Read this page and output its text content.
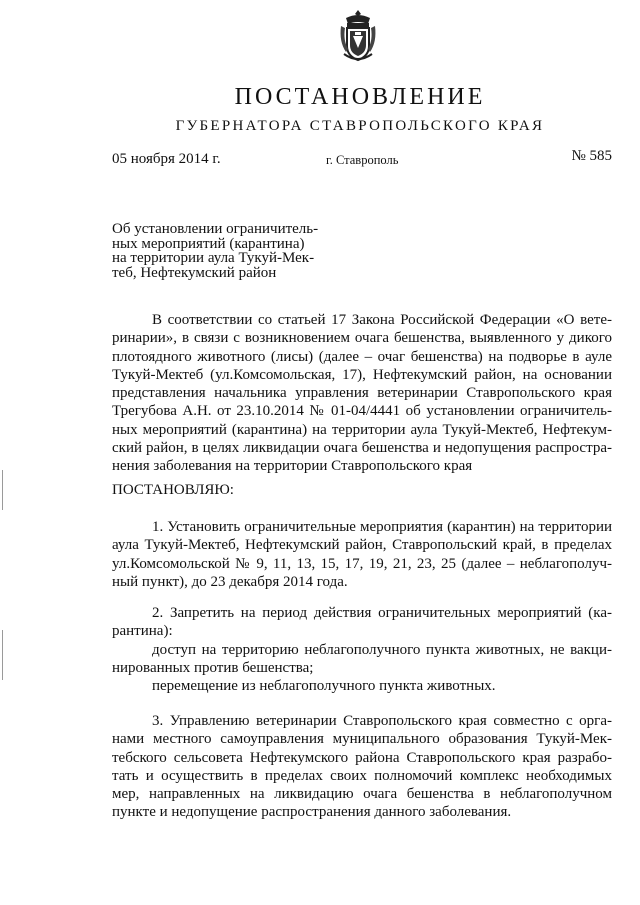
ПОСТАНОВЛЕНИЕ
ГУБЕРНАТОРА СТАВРОПОЛЬСКОГО КРАЯ
05 ноября 2014 г.	г. Ставрополь	№ 585
Об установлении ограничитель-
ных мероприятий (карантина)
на территории аула Тукуй-Мек-
теб, Нефтекумский район
В соответствии со статьей 17 Закона Российской Федерации «О вете-
ринарии», в связи с возникновением очага бешенства, выявленного у дикого
плотоядного животного (лисы) (далее – очаг бешенства) на подворье в ауле
Тукуй-Мектеб (ул.Комсомольская, 17), Нефтекумский район, на основании
представления начальника управления ветеринарии Ставропольского края
Трегубова А.Н. от 23.10.2014 № 01-04/4441 об установлении ограничитель-
ных мероприятий (карантина) на территории аула Тукуй-Мектеб, Нефтекум-
ский район, в целях ликвидации очага бешенства и недопущения распростра-
нения заболевания на территории Ставропольского края
ПОСТАНОВЛЯЮ:
1. Установить ограничительные мероприятия (карантин) на территории
аула Тукуй-Мектеб, Нефтекумский район, Ставропольский край, в пределах
ул.Комсомольской № 9, 11, 13, 15, 17, 19, 21, 23, 25 (далее – неблагополуч-
ный пункт), до 23 декабря 2014 года.
2. Запретить на период действия ограничительных мероприятий (ка-
рантина):
доступ на территорию неблагополучного пункта животных, не вакци-
нированных против бешенства;
перемещение из неблагополучного пункта животных.
3. Управлению ветеринарии Ставропольского края совместно с орга-
нами местного самоуправления муниципального образования Тукуй-Мек-
тебского сельсовета Нефтекумского района Ставропольского края разрабо-
тать и осуществить в пределах своих полномочий комплекс необходимых
мер, направленных на ликвидацию очага бешенства в неблагополучном
пункте и недопущение распространения данного заболевания.
